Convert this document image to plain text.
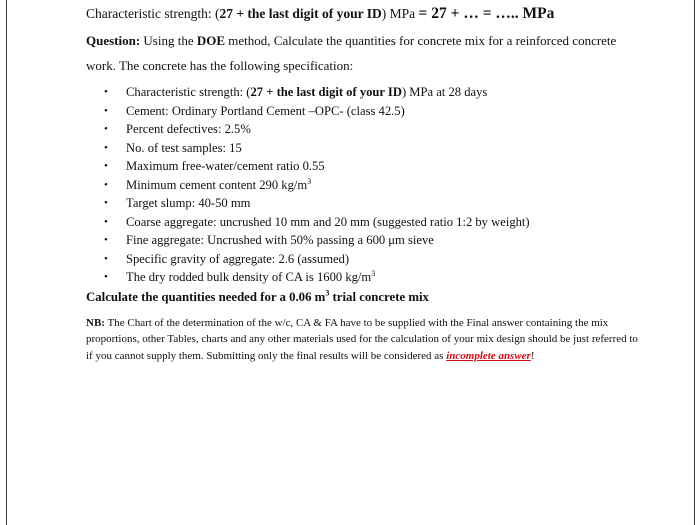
Characteristic strength: (27 + the last digit of your ID) MPa = 27 + … = ….. MPa

Question: Using the DOE method, Calculate the quantities for concrete mix for a reinforced concrete work. The concrete has the following specification:

• Characteristic strength: (27 + the last digit of your ID) MPa at 28 days
• Cement: Ordinary Portland Cement –OPC- (class 42.5)
• Percent defectives: 2.5%
• No. of test samples: 15
• Maximum free-water/cement ratio 0.55
• Minimum cement content 290 $kg/m^3$
• Target slump: 40-50 mm
• Coarse aggregate: uncrushed 10 mm and 20 mm (suggested ratio 1:2 by weight)
• Fine aggregate: Uncrushed with 50% passing a 600 μm sieve
• Specific gravity of aggregate: 2.6 (assumed)
• The dry rodded bulk density of CA is 1600 $kg/m^3$

Calculate the quantities needed for a 0.06 $m^3$ trial concrete mix

NB: The Chart of the determination of the w/c, CA & FA have to be supplied with the Final answer containing the mix proportions, other Tables, charts and any other materials used for the calculation of your mix design should be just referred to if you cannot supply them. Submitting only the final results will be considered as incomplete answer!
